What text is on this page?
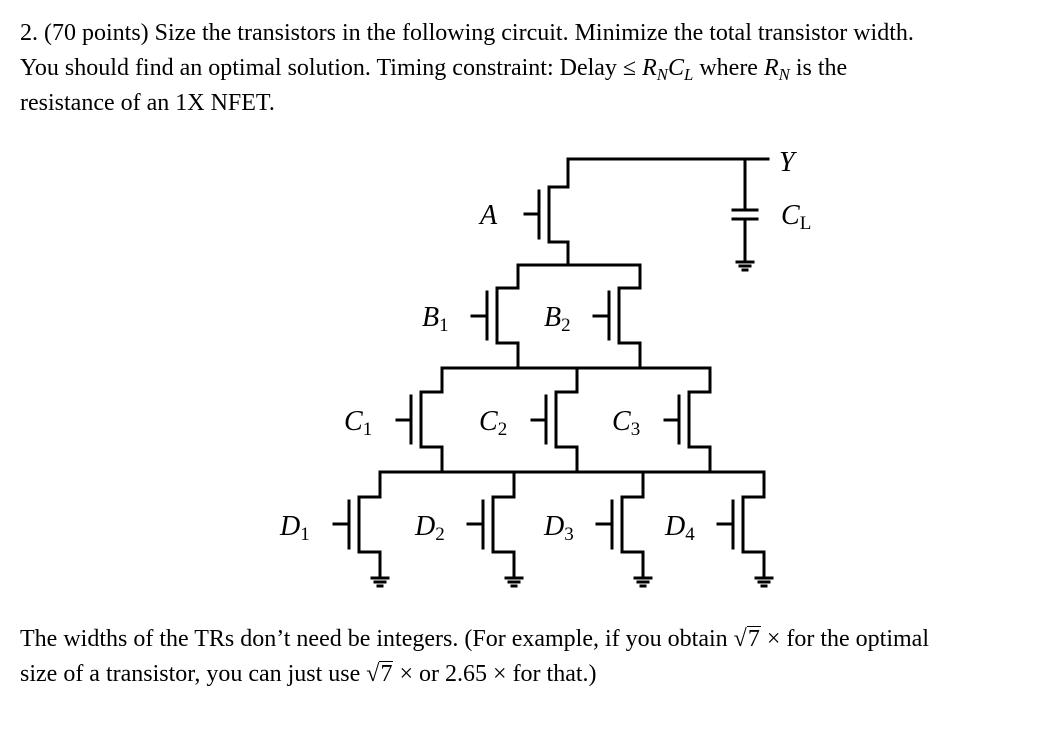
2. (70 points) Size the transistors in the following circuit. Minimize the total transistor width.
You should find an optimal solution. Timing constraint: Delay ≤ $R_NC_L$ where $R_N$ is the
resistance of an 1X NFET.
Y
CL
A
B1	B2
C1	C2	C3
D1	D2	D3	D4
The widths of the TRs don’t need be integers. (For example, if you obtain √7 × for the optimal
size of a transistor, you can just use √7 × or 2.65 × for that.)
